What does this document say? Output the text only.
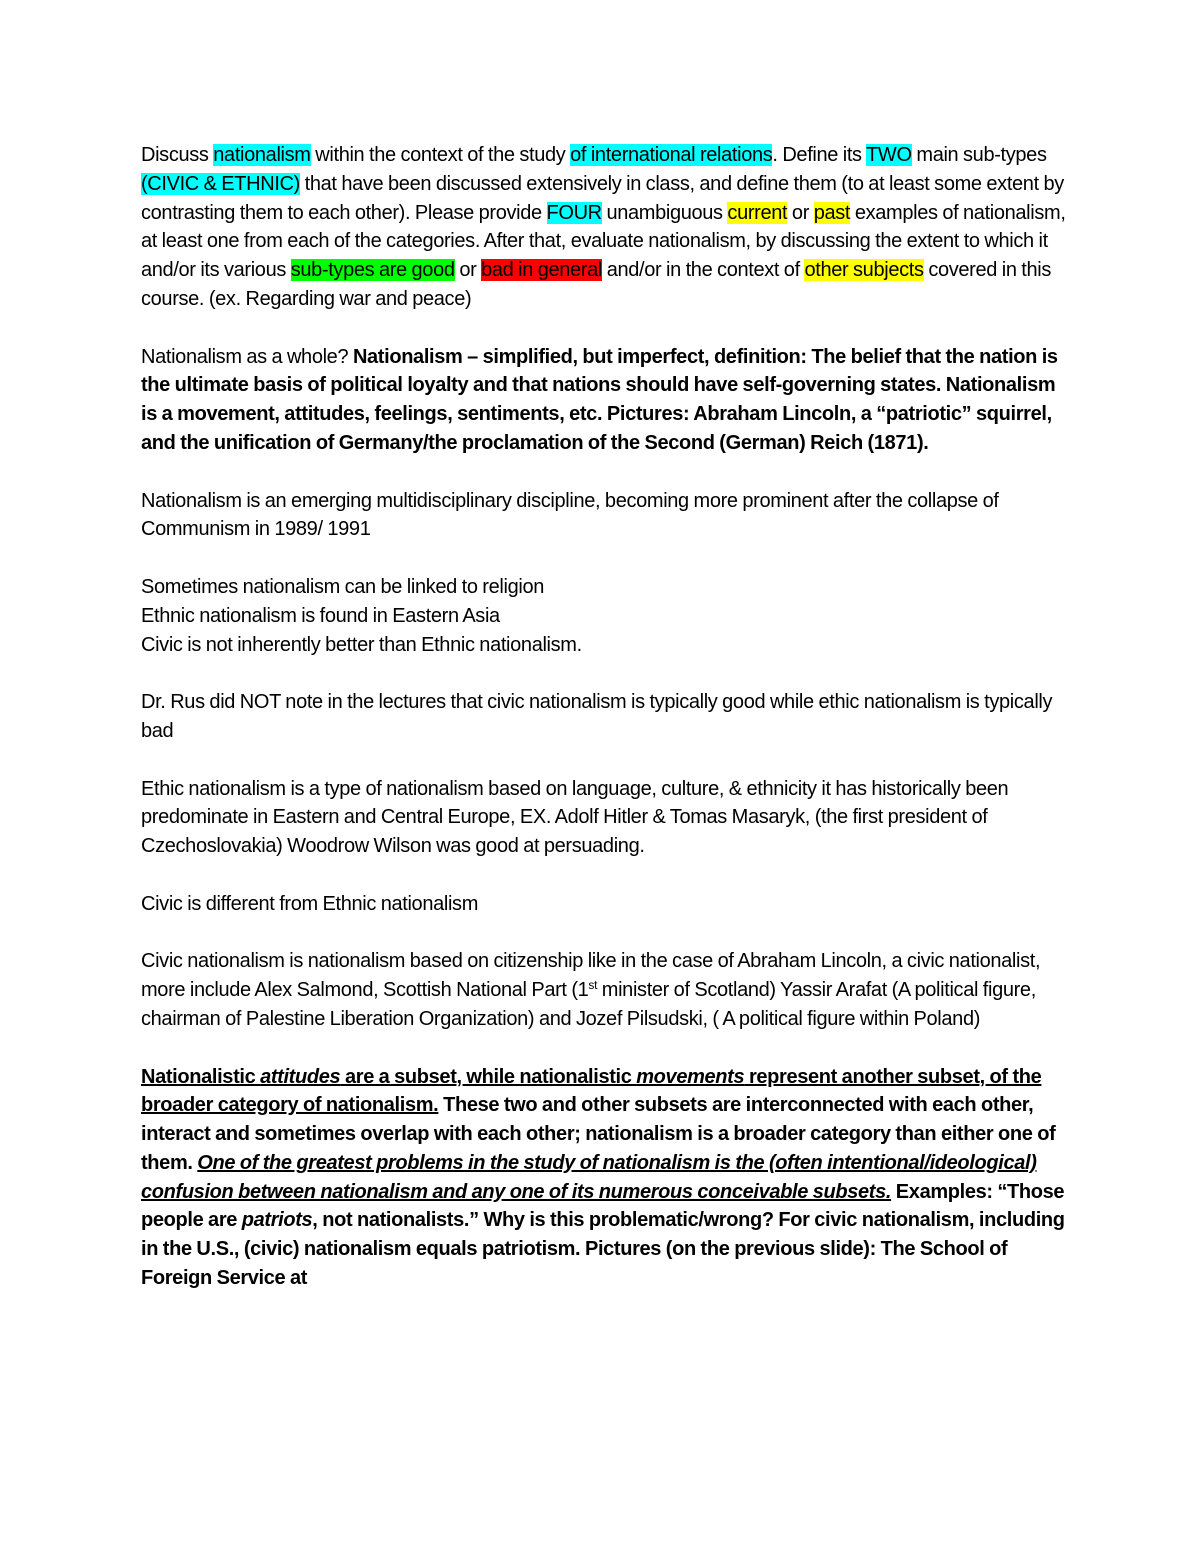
Discuss nationalism within the context of the study of international relations. Define its TWO main sub-types (CIVIC & ETHNIC) that have been discussed extensively in class, and define them (to at least some extent by contrasting them to each other). Please provide FOUR unambiguous current or past examples of nationalism, at least one from each of the categories. After that, evaluate nationalism, by discussing the extent to which it and/or its various sub-types are good or bad in general and/or in the context of other subjects covered in this course. (ex. Regarding war and peace)

Nationalism as a whole? Nationalism – simplified, but imperfect, definition: The belief that the nation is the ultimate basis of political loyalty and that nations should have self-governing states. Nationalism is a movement, attitudes, feelings, sentiments, etc. Pictures: Abraham Lincoln, a “patriotic” squirrel, and the unification of Germany/the proclamation of the Second (German) Reich (1871).

Nationalism is an emerging multidisciplinary discipline, becoming more prominent after the collapse of Communism in 1989/ 1991

Sometimes nationalism can be linked to religion
Ethnic nationalism is found in Eastern Asia
Civic is not inherently better than Ethnic nationalism.

Dr. Rus did NOT note in the lectures that civic nationalism is typically good while ethic nationalism is typically bad

Ethic nationalism is a type of nationalism based on language, culture, & ethnicity it has historically been predominate in Eastern and Central Europe, EX. Adolf Hitler & Tomas Masaryk, (the first president of Czechoslovakia) Woodrow Wilson was good at persuading.

Civic is different from Ethnic nationalism

Civic nationalism is nationalism based on citizenship like in the case of Abraham Lincoln, a civic nationalist, more include Alex Salmond, Scottish National Part (1st minister of Scotland) Yassir Arafat (A political figure, chairman of Palestine Liberation Organization) and Jozef Pilsudski, ( A political figure within Poland)

Nationalistic attitudes are a subset, while nationalistic movements represent another subset, of the broader category of nationalism. These two and other subsets are interconnected with each other, interact and sometimes overlap with each other; nationalism is a broader category than either one of them. One of the greatest problems in the study of nationalism is the (often intentional/ideological) confusion between nationalism and any one of its numerous conceivable subsets. Examples: “Those people are patriots, not nationalists.” Why is this problematic/wrong? For civic nationalism, including in the U.S., (civic) nationalism equals patriotism. Pictures (on the previous slide): The School of Foreign Service at
